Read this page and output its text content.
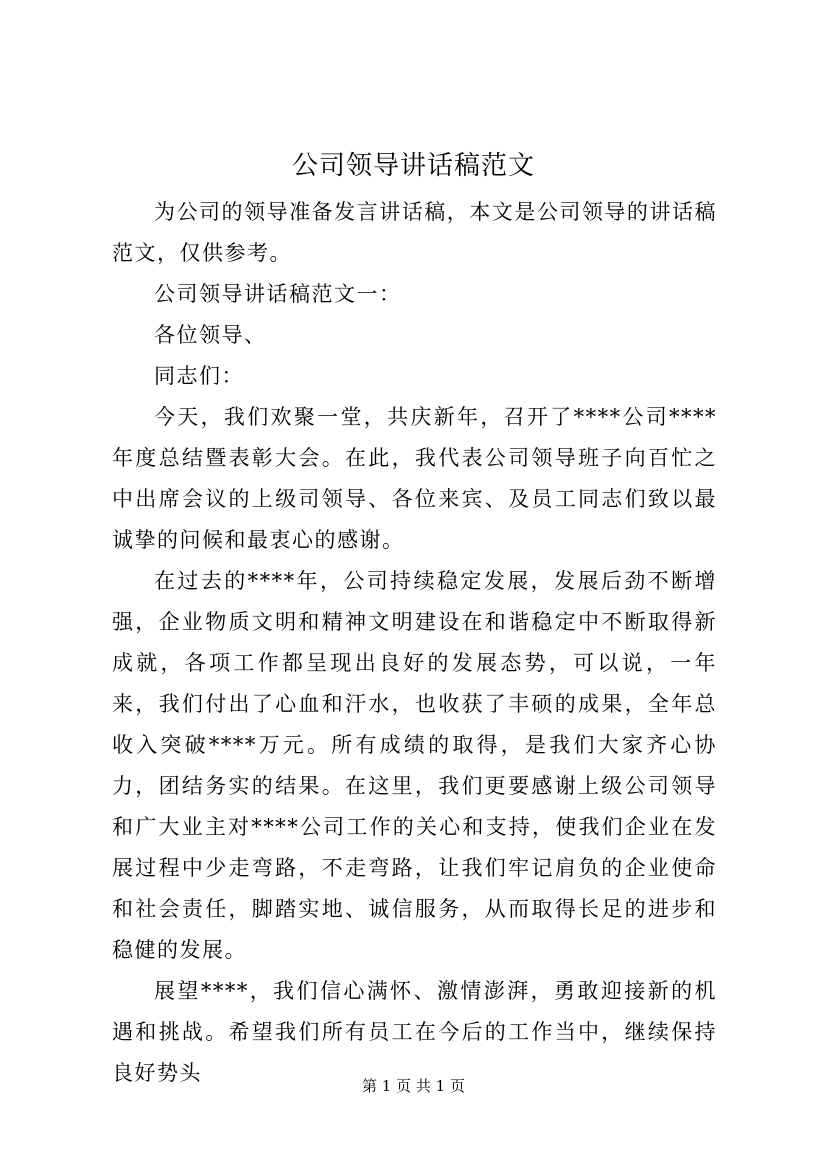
公司领导讲话稿范文

为公司的领导准备发言讲话稿，本文是公司领导的讲话稿范文，仅供参考。

公司领导讲话稿范文一：

各位领导、

同志们：

今天，我们欢聚一堂，共庆新年，召开了****公司****年度总结暨表彰大会。在此，我代表公司领导班子向百忙之中出席会议的上级司领导、各位来宾、及员工同志们致以最诚挚的问候和最衷心的感谢。

在过去的****年，公司持续稳定发展，发展后劲不断增强，企业物质文明和精神文明建设在和谐稳定中不断取得新成就，各项工作都呈现出良好的发展态势，可以说，一年来，我们付出了心血和汗水，也收获了丰硕的成果，全年总收入突破****万元。所有成绩的取得，是我们大家齐心协力，团结务实的结果。在这里，我们更要感谢上级公司领导和广大业主对****公司工作的关心和支持，使我们企业在发展过程中少走弯路，不走弯路，让我们牢记肩负的企业使命和社会责任，脚踏实地、诚信服务，从而取得长足的进步和稳健的发展。

展望****，我们信心满怀、激情澎湃，勇敢迎接新的机遇和挑战。希望我们所有员工在今后的工作当中，继续保持良好势头

第 1 页 共 1 页
